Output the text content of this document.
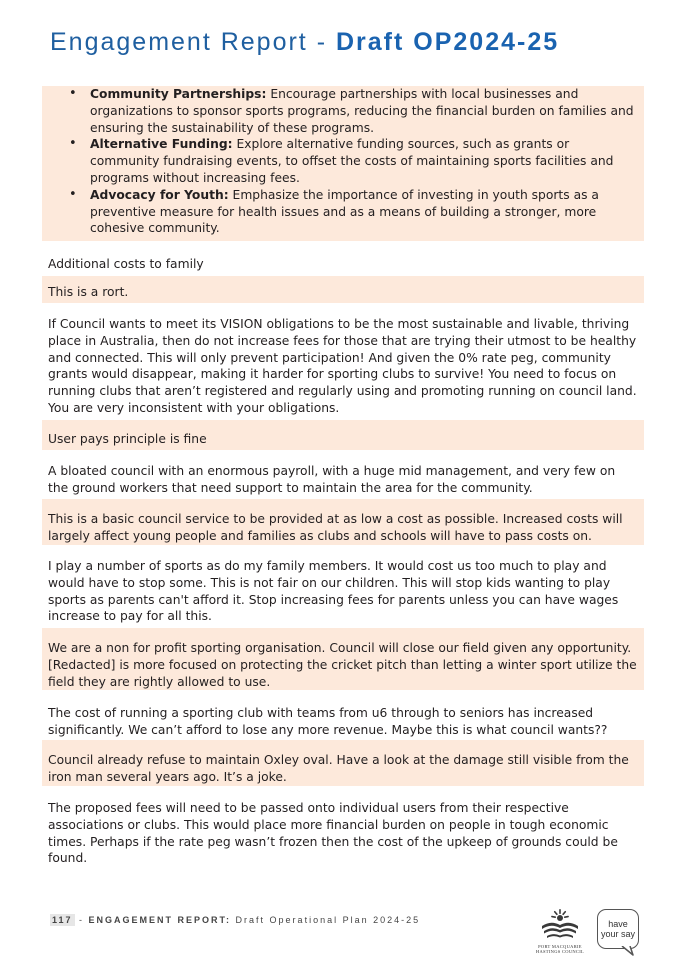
Engagement Report - Draft OP2024-25
• Community Partnerships: Encourage partnerships with local businesses and organizations to sponsor sports programs, reducing the financial burden on families and ensuring the sustainability of these programs.
• Alternative Funding: Explore alternative funding sources, such as grants or community fundraising events, to offset the costs of maintaining sports facilities and programs without increasing fees.
• Advocacy for Youth: Emphasize the importance of investing in youth sports as a preventive measure for health issues and as a means of building a stronger, more cohesive community.
Additional costs to family
This is a rort.
If Council wants to meet its VISION obligations to be the most sustainable and livable, thriving place in Australia, then do not increase fees for those that are trying their utmost to be healthy and connected. This will only prevent participation! And given the 0% rate peg, community grants would disappear, making it harder for sporting clubs to survive! You need to focus on running clubs that aren’t registered and regularly using and promoting running on council land. You are very inconsistent with your obligations.
User pays principle is fine
A bloated council with an enormous payroll, with a huge mid management, and very few on the ground workers that need support to maintain the area for the community.
This is a basic council service to be provided at as low a cost as possible. Increased costs will largely affect young people and families as clubs and schools will have to pass costs on.
I play a number of sports as do my family members. It would cost us too much to play and would have to stop some. This is not fair on our children. This will stop kids wanting to play sports as parents can't afford it. Stop increasing fees for parents unless you can have wages increase to pay for all this.
We are a non for profit sporting organisation. Council will close our field given any opportunity. [Redacted] is more focused on protecting the cricket pitch than letting a winter sport utilize the field they are rightly allowed to use.
The cost of running a sporting club with teams from u6 through to seniors has increased significantly. We can’t afford to lose any more revenue. Maybe this is what council wants??
Council already refuse to maintain Oxley oval. Have a look at the damage still visible from the iron man several years ago. It’s a joke.
The proposed fees will need to be passed onto individual users from their respective associations or clubs. This would place more financial burden on people in tough economic times. Perhaps if the rate peg wasn’t frozen then the cost of the upkeep of grounds could be found.
117 - ENGAGEMENT REPORT: Draft Operational Plan 2024-25
PORT MACQUARIE
HASTINGS COUNCIL
have
your say
